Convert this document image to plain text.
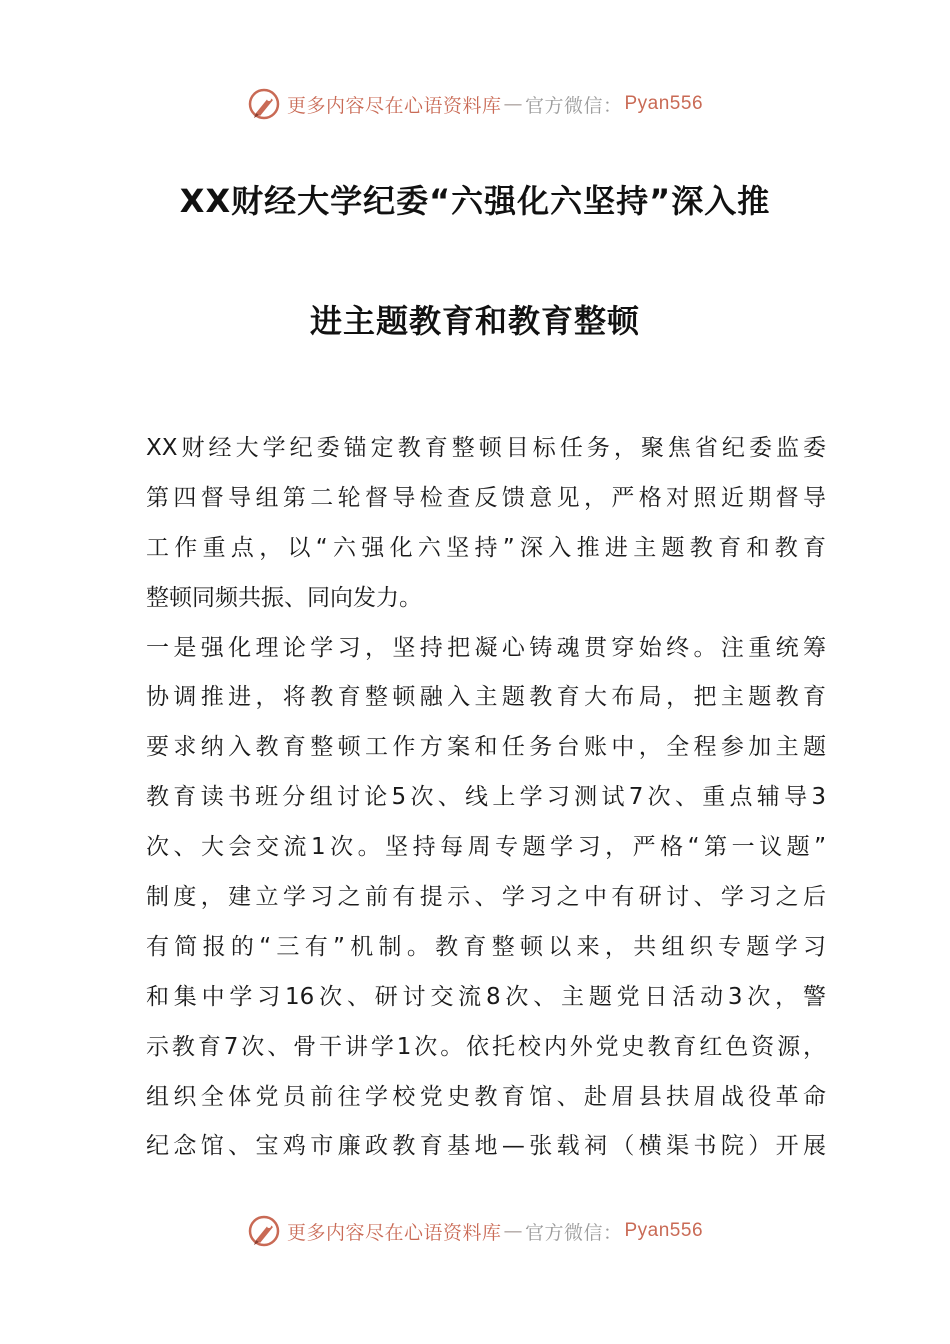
更多内容尽在心语资料库 — 官方微信： Pyan556
XX财经大学纪委“六强化六坚持”深入推
进主题教育和教育整顿
XX财经大学纪委锚定教育整顿目标任务，聚焦省纪委监委
第四督导组第二轮督导检查反馈意见，严格对照近期督导
工作重点，以“六强化六坚持”深入推进主题教育和教育
整顿同频共振、同向发力。
一是强化理论学习，坚持把凝心铸魂贯穿始终。注重统筹
协调推进，将教育整顿融入主题教育大布局，把主题教育
要求纳入教育整顿工作方案和任务台账中，全程参加主题
教育读书班分组讨论5次、线上学习测试7次、重点辅导3
次、大会交流1次。坚持每周专题学习，严格“第一议题”
制度，建立学习之前有提示、学习之中有研讨、学习之后
有简报的“三有”机制。教育整顿以来，共组织专题学习
和集中学习16次、研讨交流8次、主题党日活动3次，警
示教育7次、骨干讲学1次。依托校内外党史教育红色资源，
组织全体党员前往学校党史教育馆、赴眉县扶眉战役革命
纪念馆、宝鸡市廉政教育基地—张载祠（横渠书院）开展
更多内容尽在心语资料库 — 官方微信： Pyan556
